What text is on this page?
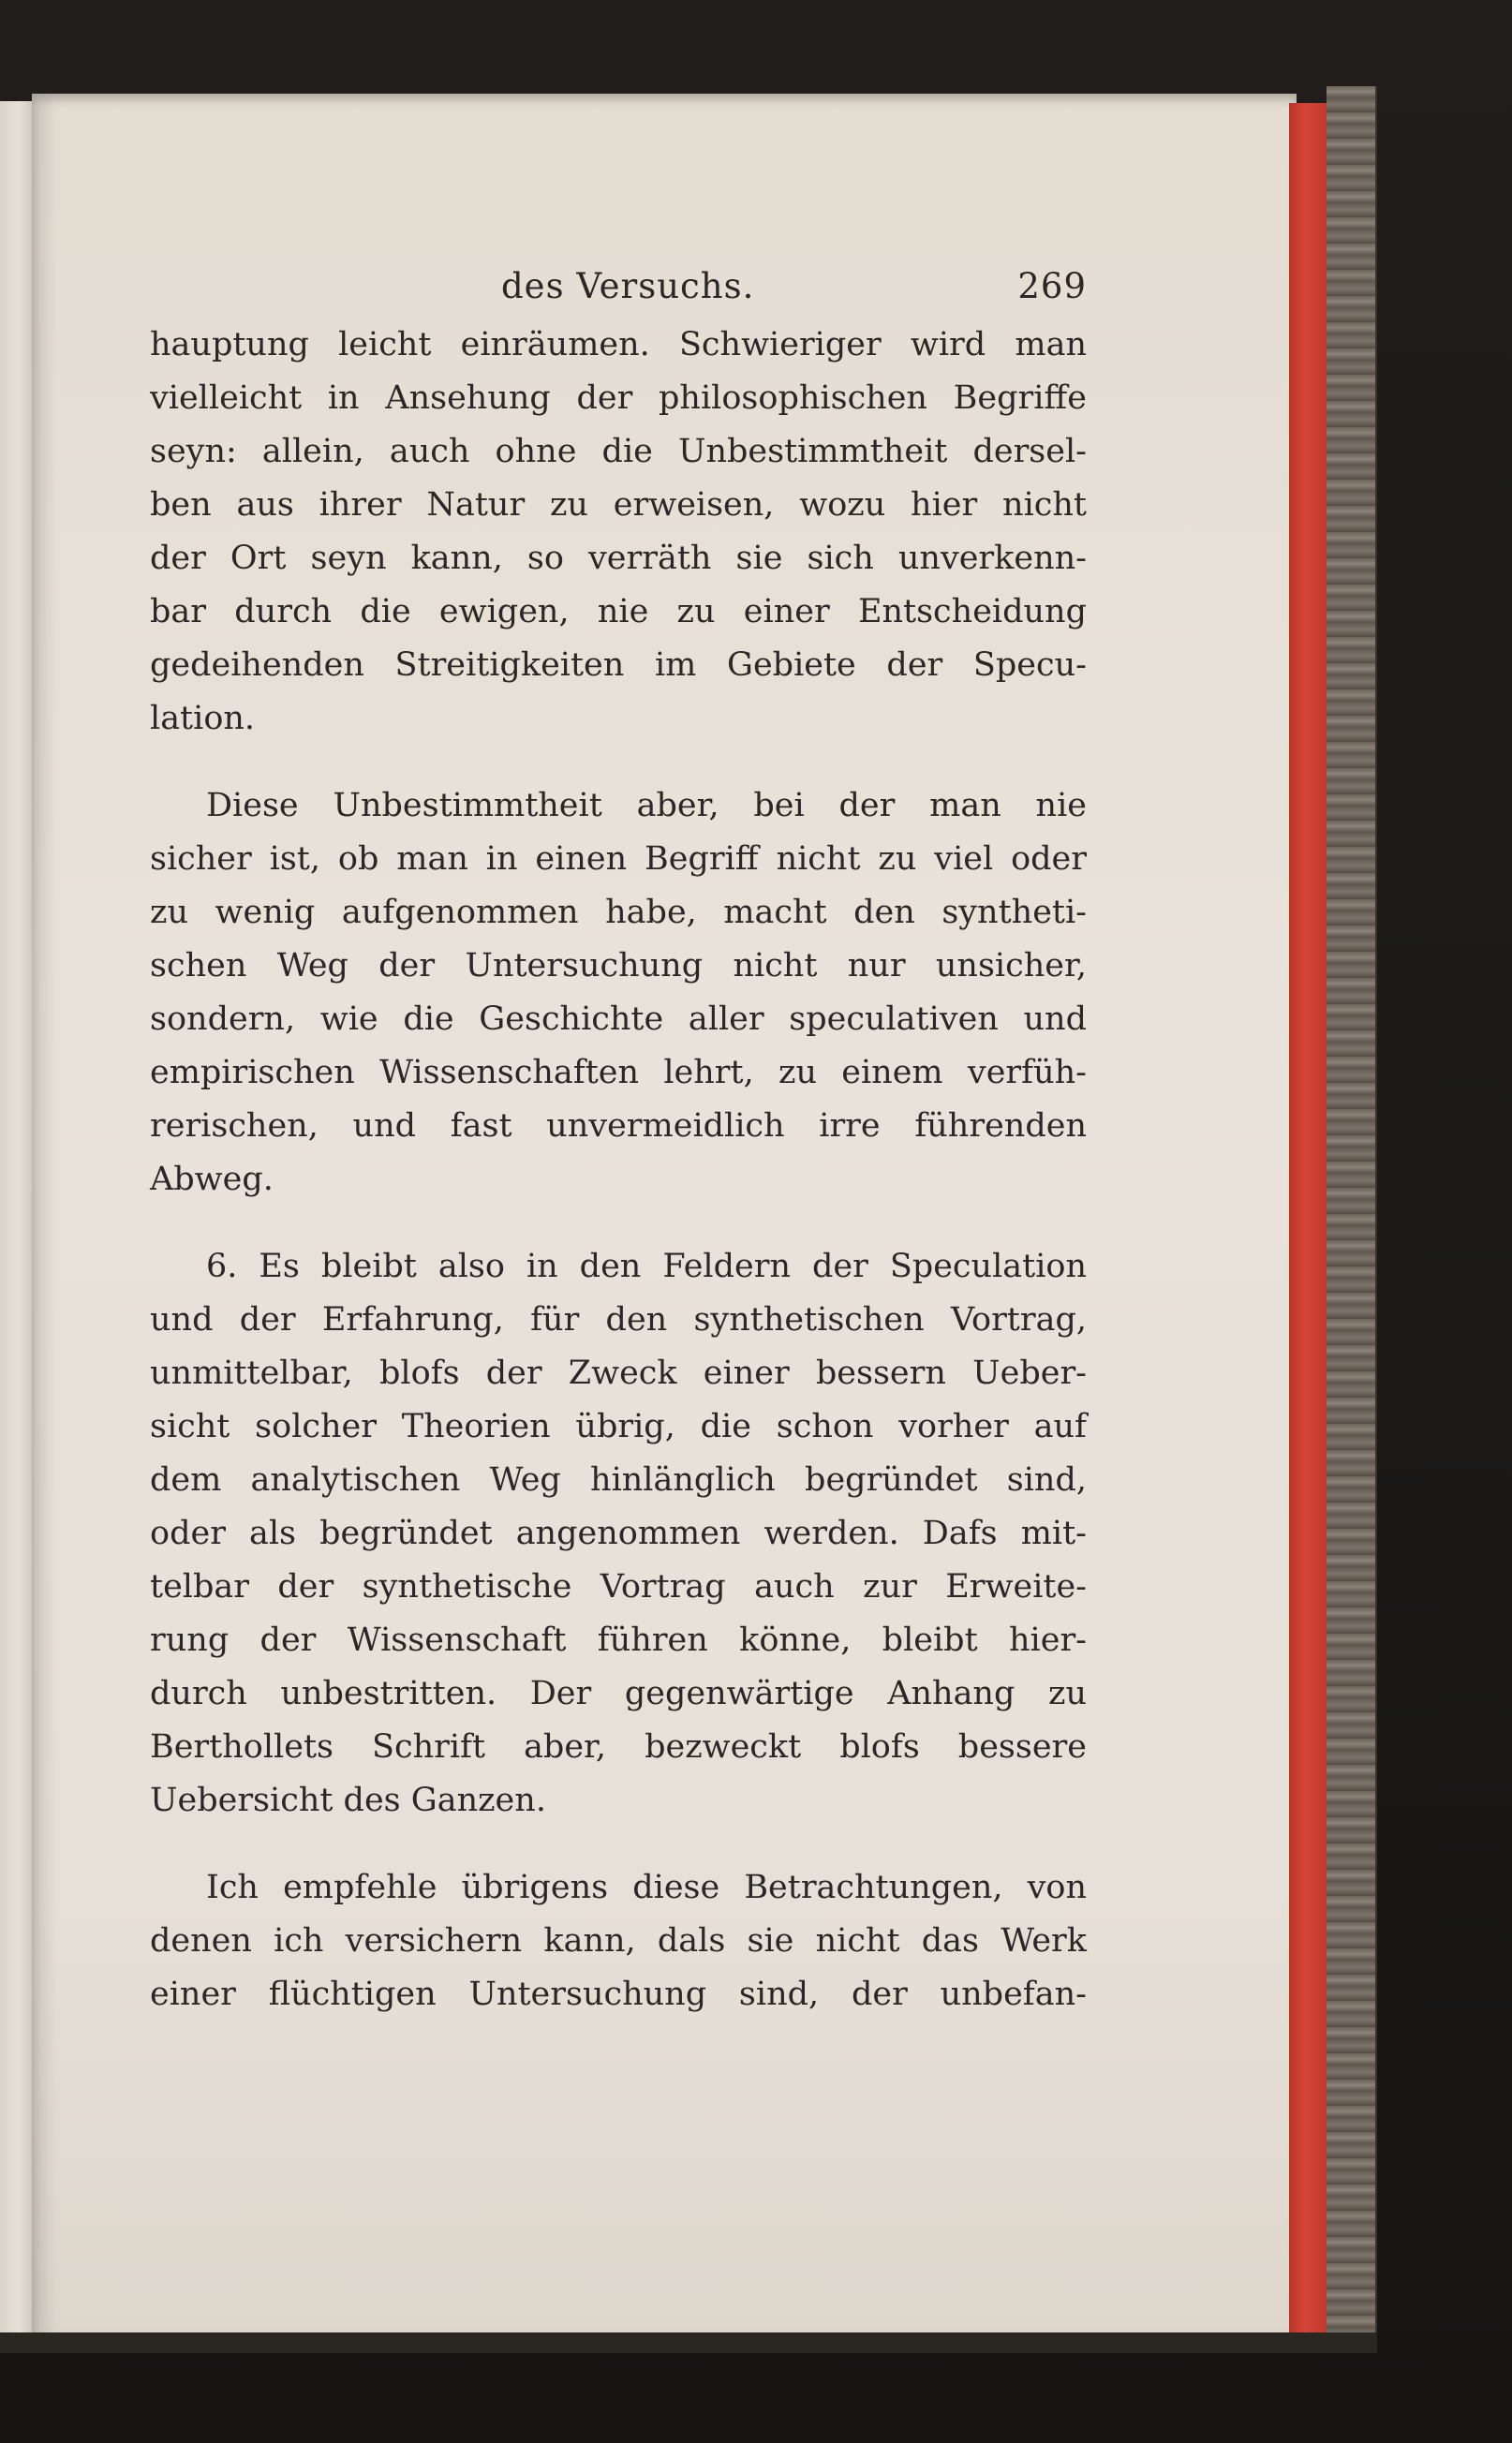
des Versuchs.	269

hauptung leicht einräumen. Schwieriger wird man

vielleicht in Ansehung der philosophischen Begriffe

seyn: allein, auch ohne die Unbestimmtheit dersel-

ben aus ihrer Natur zu erweisen, wozu hier nicht

der Ort seyn kann, so verräth sie sich unverkenn-

bar durch die ewigen, nie zu einer Entscheidung

gedeihenden Streitigkeiten im Gebiete der Specu-

lation.

Diese Unbestimmtheit aber, bei der man nie

sicher ist, ob man in einen Begriff nicht zu viel oder

zu wenig aufgenommen habe, macht den syntheti-

schen Weg der Untersuchung nicht nur unsicher,

sondern, wie die Geschichte aller speculativen und

empirischen Wissenschaften lehrt, zu einem verfüh-

rerischen, und fast unvermeidlich irre führenden

Abweg.

6. Es bleibt also in den Feldern der Speculation

und der Erfahrung, für den synthetischen Vortrag,

unmittelbar, blofs der Zweck einer bessern Ueber-

sicht solcher Theorien übrig, die schon vorher auf

dem analytischen Weg hinlänglich begründet sind,

oder als begründet angenommen werden. Dafs mit-

telbar der synthetische Vortrag auch zur Erweite-

rung der Wissenschaft führen könne, bleibt hier-

durch unbestritten. Der gegenwärtige Anhang zu

Berthollets Schrift aber, bezweckt blofs bessere

Uebersicht des Ganzen.

Ich empfehle übrigens diese Betrachtungen, von

denen ich versichern kann, dals sie nicht das Werk

einer flüchtigen Untersuchung sind, der unbefan-
